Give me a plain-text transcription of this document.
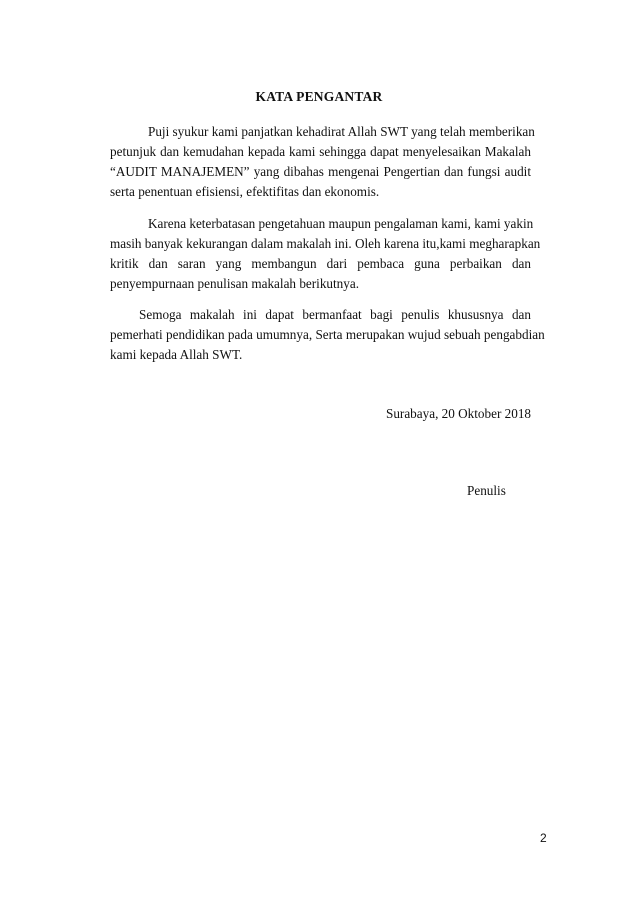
KATA PENGANTAR
Puji syukur kami panjatkan kehadirat Allah SWT yang telah memberikan
petunjuk dan kemudahan kepada kami sehingga dapat menyelesaikan Makalah
“AUDIT MANAJEMEN” yang dibahas mengenai Pengertian dan fungsi audit
serta penentuan efisiensi, efektifitas dan ekonomis.
Karena keterbatasan pengetahuan maupun pengalaman kami, kami yakin
masih banyak kekurangan dalam makalah ini. Oleh karena itu,kami megharapkan
kritik dan saran yang membangun dari pembaca guna perbaikan dan
penyempurnaan penulisan makalah berikutnya.
Semoga makalah ini dapat bermanfaat bagi penulis khususnya dan
pemerhati pendidikan pada umumnya, Serta merupakan wujud sebuah pengabdian
kami kepada Allah SWT.
Surabaya, 20 Oktober 2018
Penulis
2
